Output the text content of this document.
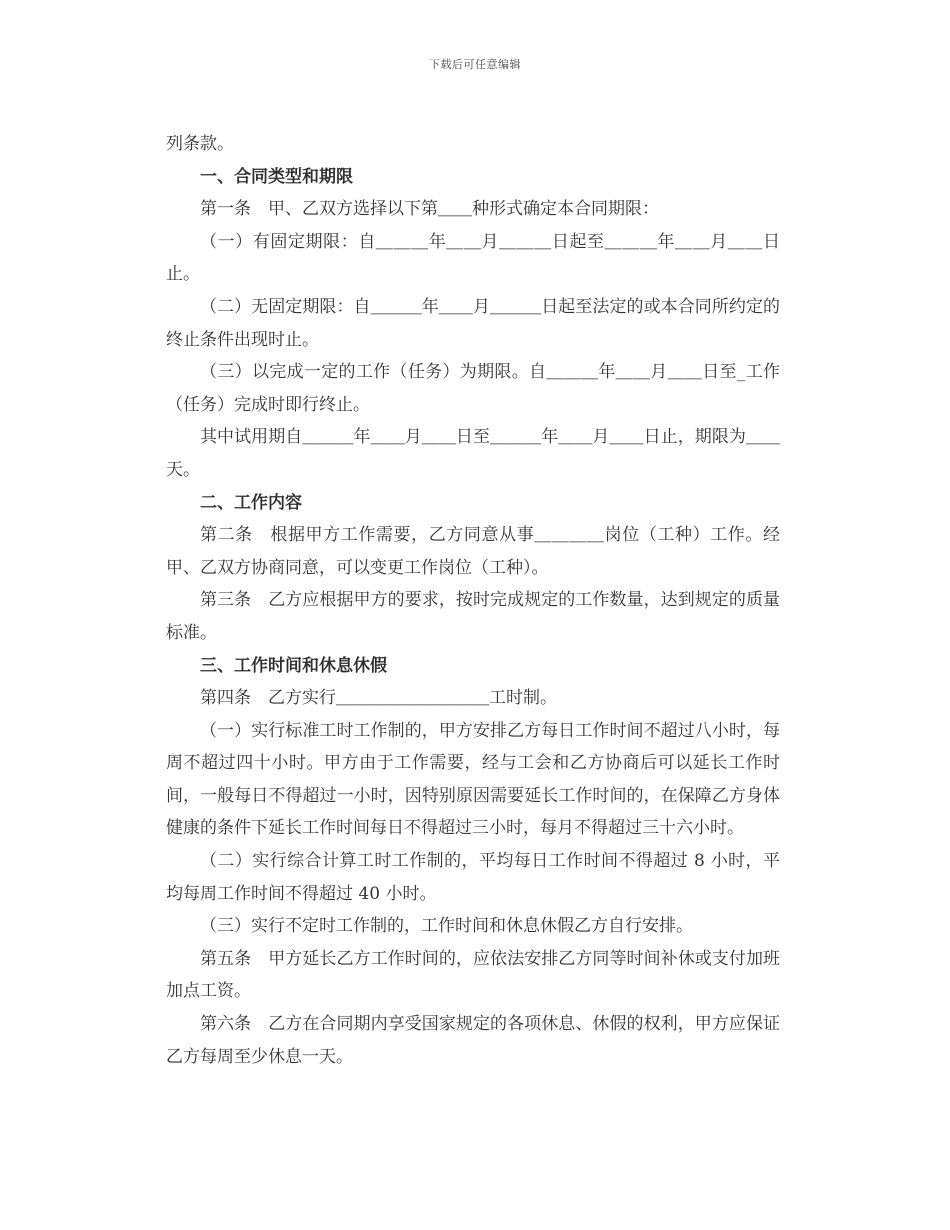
下载后可任意编辑

列条款。

一、合同类型和期限

第一条　甲、乙双方选择以下第＿＿种形式确定本合同期限：

（一）有固定期限：自＿＿＿年＿＿月＿＿＿日起至＿＿＿年＿＿月＿＿日止。

（二）无固定期限：自＿＿＿年＿＿月＿＿＿日起至法定的或本合同所约定的终止条件出现时止。

（三）以完成一定的工作（任务）为期限。自＿＿＿年＿＿月＿＿日至_工作（任务）完成时即行终止。

其中试用期自＿＿＿年＿＿月＿＿日至＿＿＿年＿＿月＿＿日止，期限为＿＿天。

二、工作内容

第二条　根据甲方工作需要，乙方同意从事＿＿＿＿岗位（工种）工作。经甲、乙双方协商同意，可以变更工作岗位（工种）。

第三条　乙方应根据甲方的要求，按时完成规定的工作数量，达到规定的质量标准。

三、工作时间和休息休假

第四条　乙方实行＿＿＿＿＿＿＿＿＿工时制。

（一）实行标准工时工作制的，甲方安排乙方每日工作时间不超过八小时，每周不超过四十小时。甲方由于工作需要，经与工会和乙方协商后可以延长工作时间，一般每日不得超过一小时，因特别原因需要延长工作时间的，在保障乙方身体健康的条件下延长工作时间每日不得超过三小时，每月不得超过三十六小时。

（二）实行综合计算工时工作制的，平均每日工作时间不得超过 8 小时，平均每周工作时间不得超过 40 小时。

（三）实行不定时工作制的，工作时间和休息休假乙方自行安排。

第五条　甲方延长乙方工作时间的，应依法安排乙方同等时间补休或支付加班加点工资。

第六条　乙方在合同期内享受国家规定的各项休息、休假的权利，甲方应保证乙方每周至少休息一天。
